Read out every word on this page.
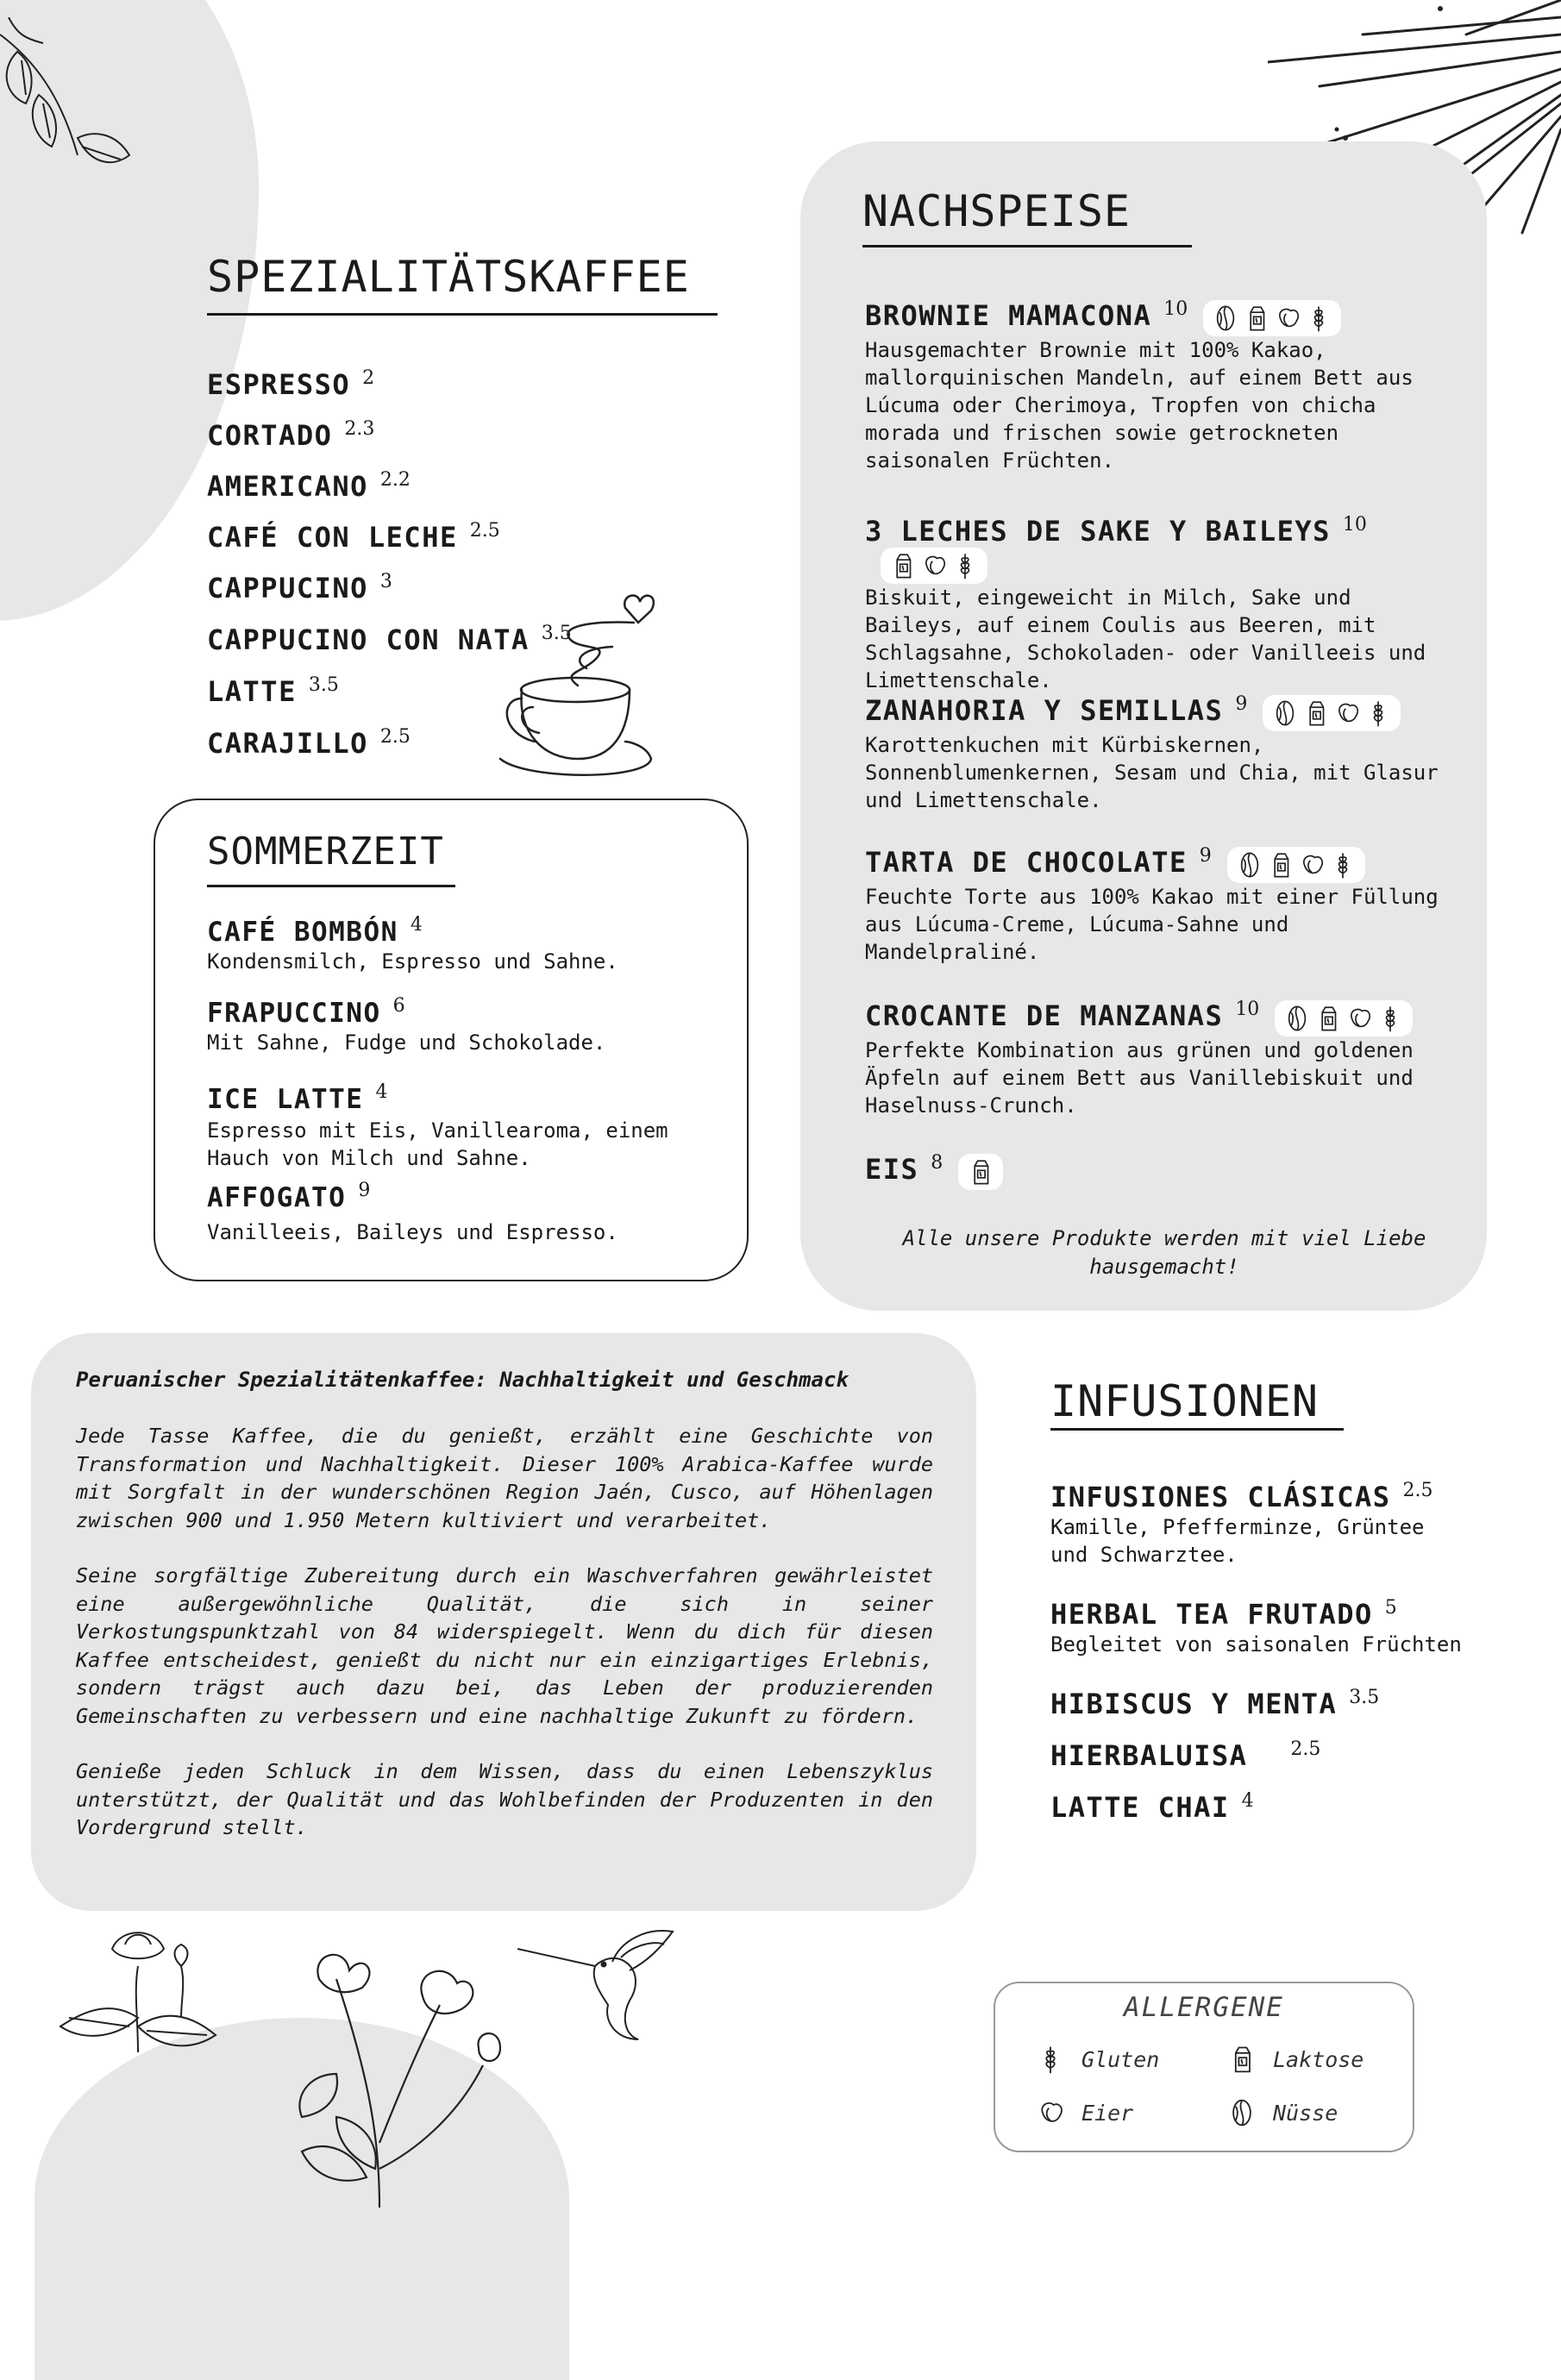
SPEZIALITÄTSKAFFEE
ESPRESSO 2
CORTADO 2.3
AMERICANO 2.2
CAFÉ CON LECHE 2.5
CAPPUCINO 3
CAPPUCINO CON NATA 3.5
LATTE 3.5
CARAJILLO 2.5
SOMMERZEIT
CAFÉ BOMBÓN 4
Kondensmilch, Espresso und Sahne.
FRAPUCCINO 6
Mit Sahne, Fudge und Schokolade.
ICE LATTE 4
Espresso mit Eis, Vanillearoma, einem Hauch von Milch und Sahne.
AFFOGATO 9
Vanilleeis, Baileys und Espresso.
NACHSPEISE
BROWNIE MAMACONA 10
Hausgemachter Brownie mit 100% Kakao, mallorquinischen Mandeln, auf einem Bett aus Lúcuma oder Cherimoya, Tropfen von chicha morada und frischen sowie getrockneten saisonalen Früchten.
3 LECHES DE SAKE Y BAILEYS 10
Biskuit, eingeweicht in Milch, Sake und Baileys, auf einem Coulis aus Beeren, mit Schlagsahne, Schokoladen- oder Vanilleeis und Limettenschale.
ZANAHORIA Y SEMILLAS 9
Karottenkuchen mit Kürbiskernen, Sonnenblumenkernen, Sesam und Chia, mit Glasur und Limettenschale.
TARTA DE CHOCOLATE 9
Feuchte Torte aus 100% Kakao mit einer Füllung aus Lúcuma-Creme, Lúcuma-Sahne und Mandelpraliné.
CROCANTE DE MANZANAS 10
Perfekte Kombination aus grünen und goldenen Äpfeln auf einem Bett aus Vanillebiskuit und Haselnuss-Crunch.
EIS 8
Alle unsere Produkte werden mit viel Liebe hausgemacht!
Peruanischer Spezialitätenkaffee: Nachhaltigkeit und Geschmack

Jede Tasse Kaffee, die du genießt, erzählt eine Geschichte von Transformation und Nachhaltigkeit. Dieser 100% Arabica-Kaffee wurde mit Sorgfalt in der wunderschönen Region Jaén, Cusco, auf Höhenlagen zwischen 900 und 1.950 Metern kultiviert und verarbeitet.

Seine sorgfältige Zubereitung durch ein Waschverfahren gewährleistet eine außergewöhnliche Qualität, die sich in seiner Verkostungspunktzahl von 84 widerspiegelt. Wenn du dich für diesen Kaffee entscheidest, genießt du nicht nur ein einzigartiges Erlebnis, sondern trägst auch dazu bei, das Leben der produzierenden Gemeinschaften zu verbessern und eine nachhaltige Zukunft zu fördern.

Genieße jeden Schluck in dem Wissen, dass du einen Lebenszyklus unterstützt, der Qualität und das Wohlbefinden der Produzenten in den Vordergrund stellt.

INFUSIONEN
INFUSIONES CLÁSICAS 2.5
Kamille, Pfefferminze, Grüntee und Schwarztee.
HERBAL TEA FRUTADO 5
Begleitet von saisonalen Früchten
HIBISCUS Y MENTA 3.5
HIERBALUISA 2.5
LATTE CHAI 4
ALLERGENE
Gluten	Laktose
Eier	Nüsse
